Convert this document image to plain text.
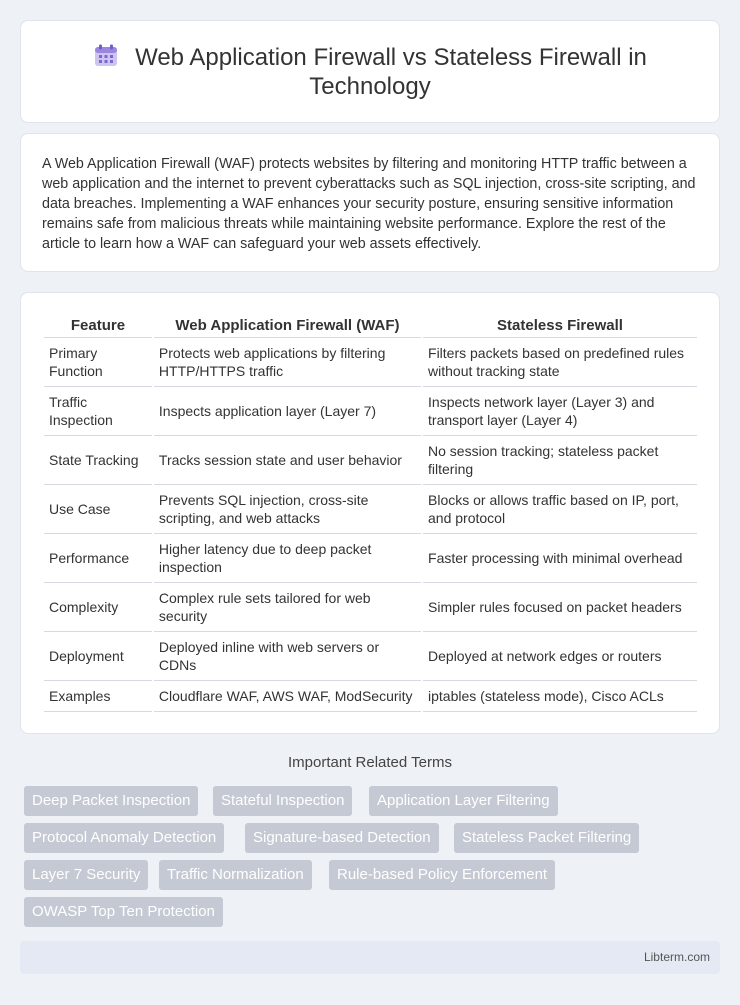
Web Application Firewall vs Stateless Firewall in Technology

A Web Application Firewall (WAF) protects websites by filtering and monitoring HTTP traffic between a web application and the internet to prevent cyberattacks such as SQL injection, cross-site scripting, and data breaches. Implementing a WAF enhances your security posture, ensuring sensitive information remains safe from malicious threats while maintaining website performance. Explore the rest of the article to learn how a WAF can safeguard your web assets effectively.

Feature	Web Application Firewall (WAF)	Stateless Firewall
Primary Function	Protects web applications by filtering HTTP/HTTPS traffic	Filters packets based on predefined rules without tracking state
Traffic Inspection	Inspects application layer (Layer 7)	Inspects network layer (Layer 3) and transport layer (Layer 4)
State Tracking	Tracks session state and user behavior	No session tracking; stateless packet filtering
Use Case	Prevents SQL injection, cross-site scripting, and web attacks	Blocks or allows traffic based on IP, port, and protocol
Performance	Higher latency due to deep packet inspection	Faster processing with minimal overhead
Complexity	Complex rule sets tailored for web security	Simpler rules focused on packet headers
Deployment	Deployed inline with web servers or CDNs	Deployed at network edges or routers
Examples	Cloudflare WAF, AWS WAF, ModSecurity	iptables (stateless mode), Cisco ACLs
Important Related Terms
Deep Packet Inspection	Stateful Inspection	Application Layer Filtering
Protocol Anomaly Detection	Signature-based Detection	Stateless Packet Filtering
Layer 7 Security	Traffic Normalization	Rule-based Policy Enforcement
OWASP Top Ten Protection
Libterm.com
